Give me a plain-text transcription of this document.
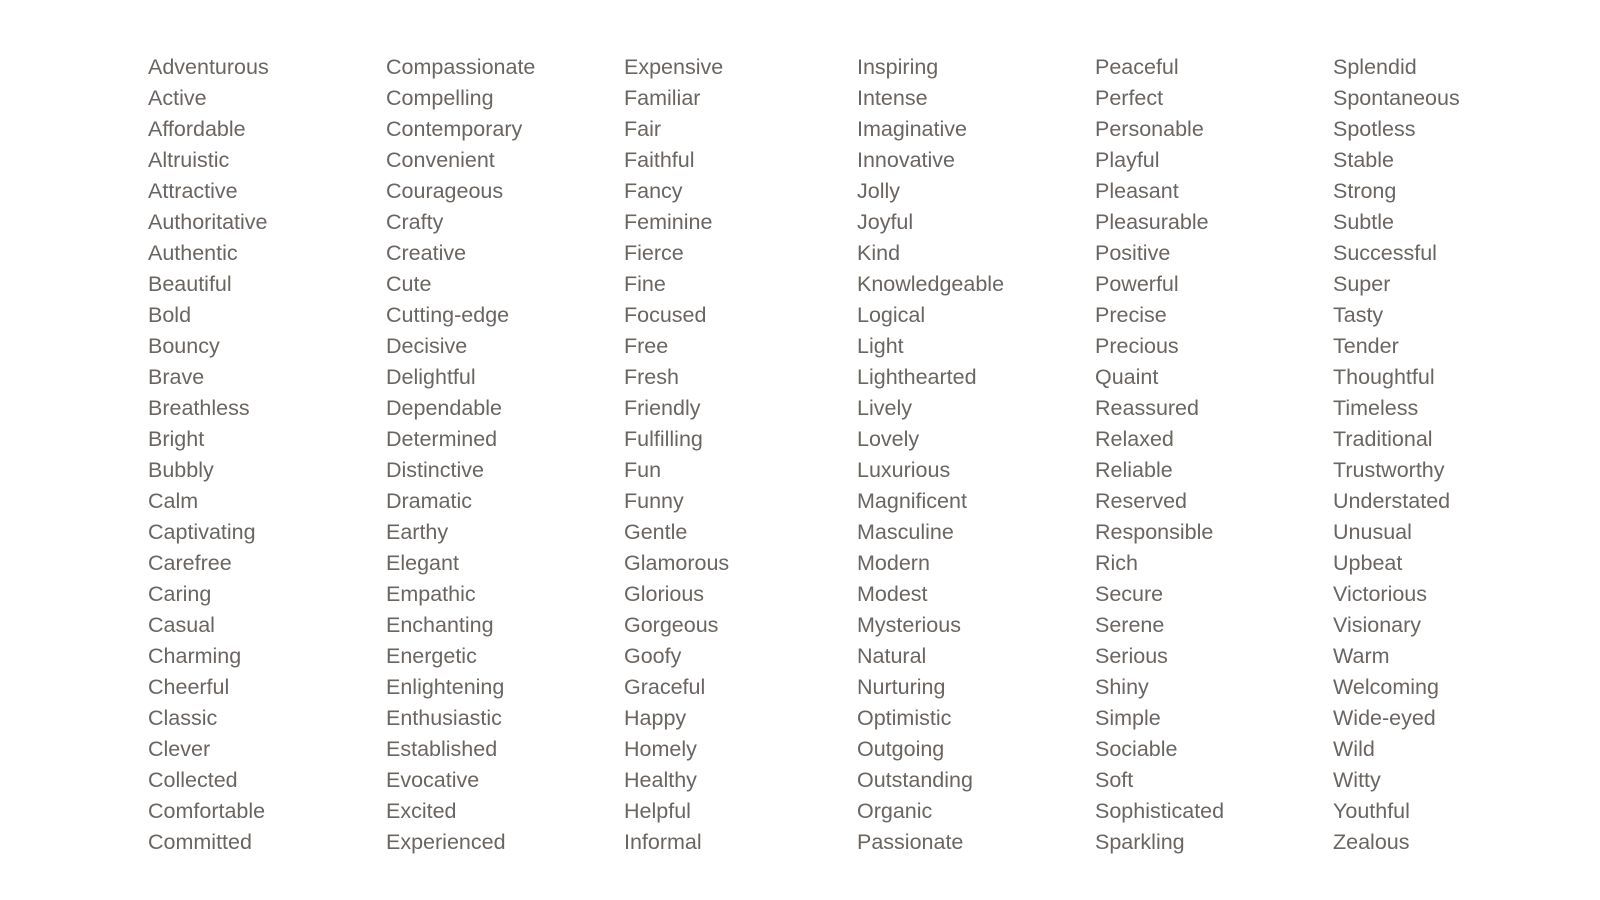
Adventurous
Active
Affordable
Altruistic
Attractive
Authoritative
Authentic
Beautiful
Bold
Bouncy
Brave
Breathless
Bright
Bubbly
Calm
Captivating
Carefree
Caring
Casual
Charming
Cheerful
Classic
Clever
Collected
Comfortable
Committed
Compassionate
Compelling
Contemporary
Convenient
Courageous
Crafty
Creative
Cute
Cutting-edge
Decisive
Delightful
Dependable
Determined
Distinctive
Dramatic
Earthy
Elegant
Empathic
Enchanting
Energetic
Enlightening
Enthusiastic
Established
Evocative
Excited
Experienced
Expensive
Familiar
Fair
Faithful
Fancy
Feminine
Fierce
Fine
Focused
Free
Fresh
Friendly
Fulfilling
Fun
Funny
Gentle
Glamorous
Glorious
Gorgeous
Goofy
Graceful
Happy
Homely
Healthy
Helpful
Informal
Inspiring
Intense
Imaginative
Innovative
Jolly
Joyful
Kind
Knowledgeable
Logical
Light
Lighthearted
Lively
Lovely
Luxurious
Magnificent
Masculine
Modern
Modest
Mysterious
Natural
Nurturing
Optimistic
Outgoing
Outstanding
Organic
Passionate
Peaceful
Perfect
Personable
Playful
Pleasant
Pleasurable
Positive
Powerful
Precise
Precious
Quaint
Reassured
Relaxed
Reliable
Reserved
Responsible
Rich
Secure
Serene
Serious
Shiny
Simple
Sociable
Soft
Sophisticated
Sparkling
Splendid
Spontaneous
Spotless
Stable
Strong
Subtle
Successful
Super
Tasty
Tender
Thoughtful
Timeless
Traditional
Trustworthy
Understated
Unusual
Upbeat
Victorious
Visionary
Warm
Welcoming
Wide-eyed
Wild
Witty
Youthful
Zealous
